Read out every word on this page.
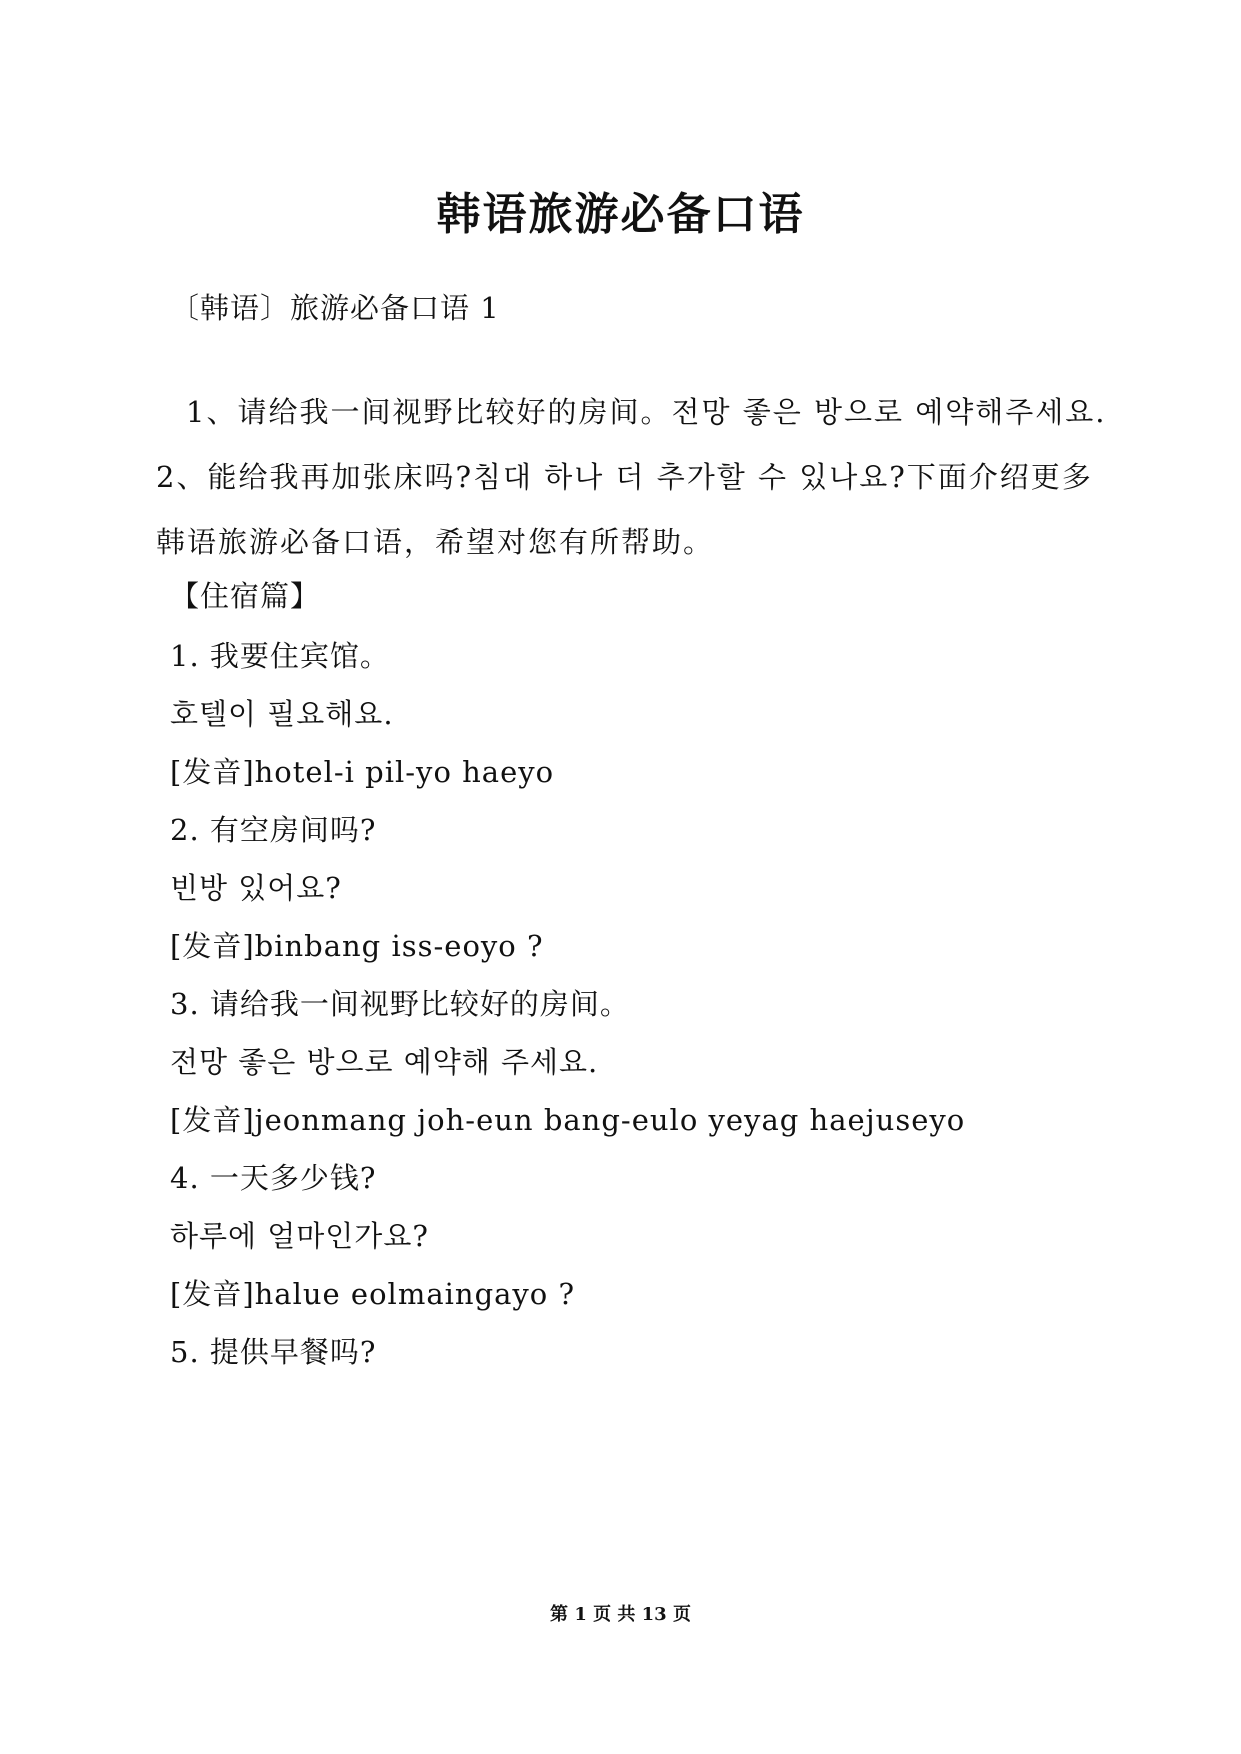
韩语旅游必备口语
〔韩语〕旅游必备口语 1
1、请给我一间视野比较好的房间。전망 좋은 방으로 예약해주세요.2、能给我再加张床吗?침대 하나 더 추가할 수 있나요?下面介绍更多韩语旅游必备口语，希望对您有所帮助。
【住宿篇】
1. 我要住宾馆。
호텔이 필요해요.
[发音]hotel-i pil-yo haeyo
2. 有空房间吗?
빈방 있어요?
[发音]binbang iss-eoyo ?
3. 请给我一间视野比较好的房间。
전망 좋은 방으로 예약해 주세요.
[发音]jeonmang joh-eun bang-eulo yeyag haejuseyo
4. 一天多少钱?
하루에 얼마인가요?
[发音]halue eolmaingayo ?
5. 提供早餐吗?
第 1 页 共 13 页
